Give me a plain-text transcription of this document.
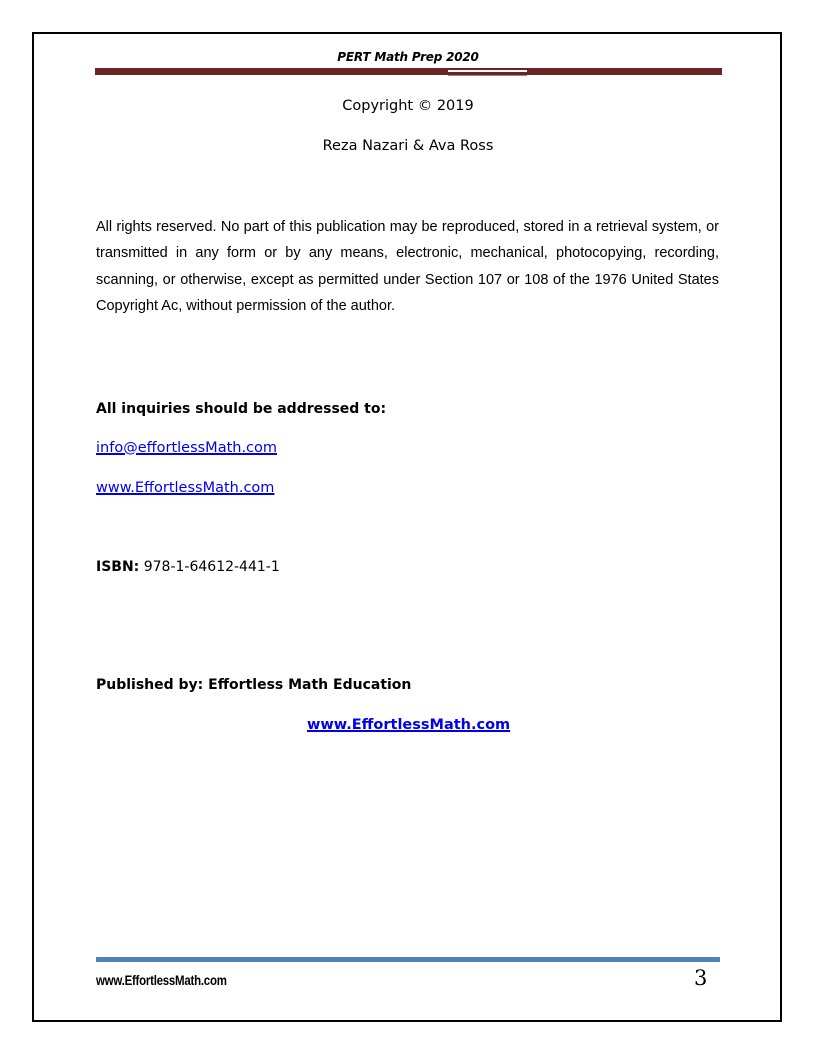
PERT Math Prep 2020
Copyright © 2019
Reza Nazari & Ava Ross
All rights reserved. No part of this publication may be reproduced, stored in a retrieval system, or transmitted in any form or by any means, electronic, mechanical, photocopying, recording, scanning, or otherwise, except as permitted under Section 107 or 108 of the 1976 United States Copyright Ac, without permission of the author.
All inquiries should be addressed to:
info@effortlessMath.com
www.EffortlessMath.com
ISBN: 978-1-64612-441-1
Published by: Effortless Math Education
www.EffortlessMath.com
www.EffortlessMath.com	3
